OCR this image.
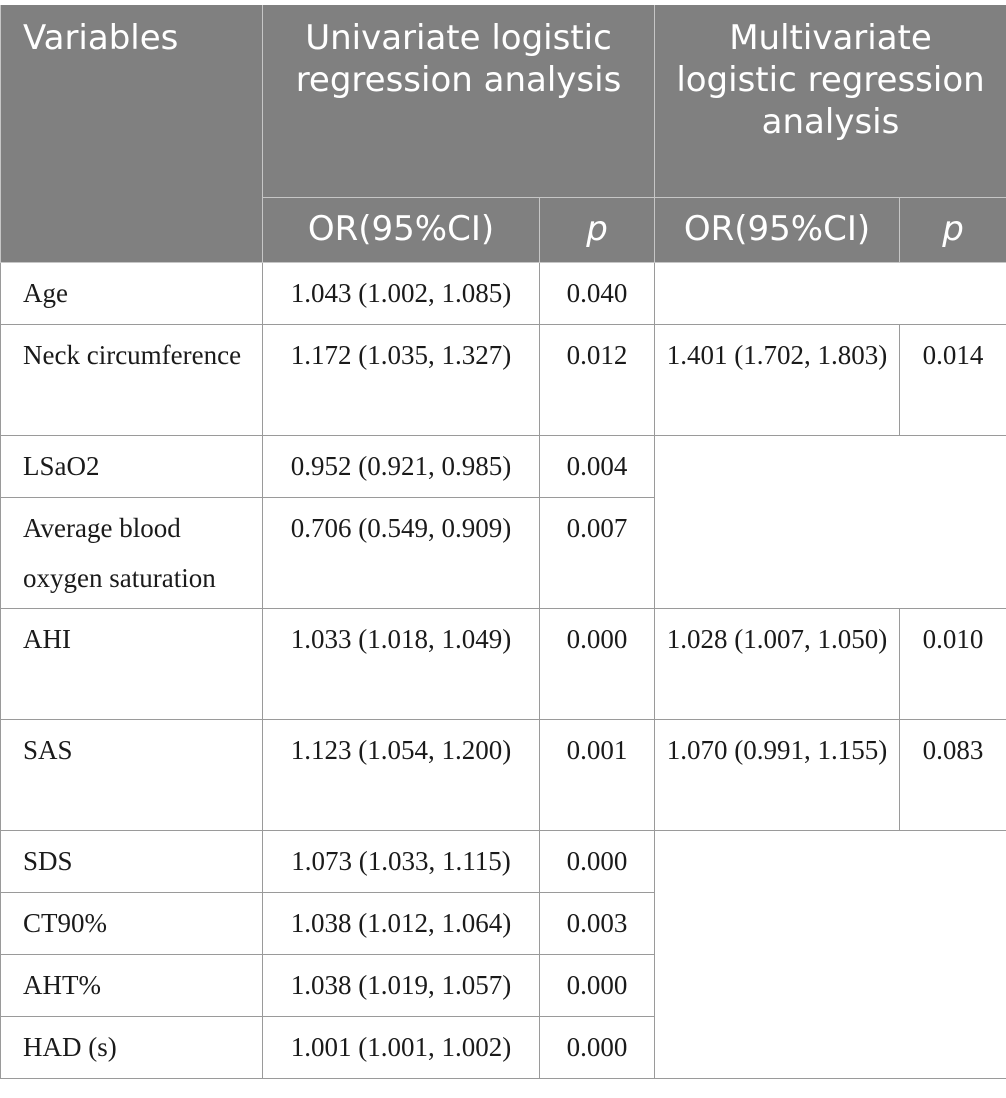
Variables	Univariate logistic regression analysis		Multivariate logistic regression analysis	
	OR(95%CI)	p	OR(95%CI)	p
Age	1.043 (1.002, 1.085)	0.040		
Neck circumference	1.172 (1.035, 1.327)	0.012	1.401 (1.702, 1.803)	0.014
LSaO2	0.952 (0.921, 0.985)	0.004		
Average blood oxygen saturation	0.706 (0.549, 0.909)	0.007		
AHI	1.033 (1.018, 1.049)	0.000	1.028 (1.007, 1.050)	0.010
SAS	1.123 (1.054, 1.200)	0.001	1.070 (0.991, 1.155)	0.083
SDS	1.073 (1.033, 1.115)	0.000		
CT90%	1.038 (1.012, 1.064)	0.003		
AHT%	1.038 (1.019, 1.057)	0.000		
HAD (s)	1.001 (1.001, 1.002)	0.000		
